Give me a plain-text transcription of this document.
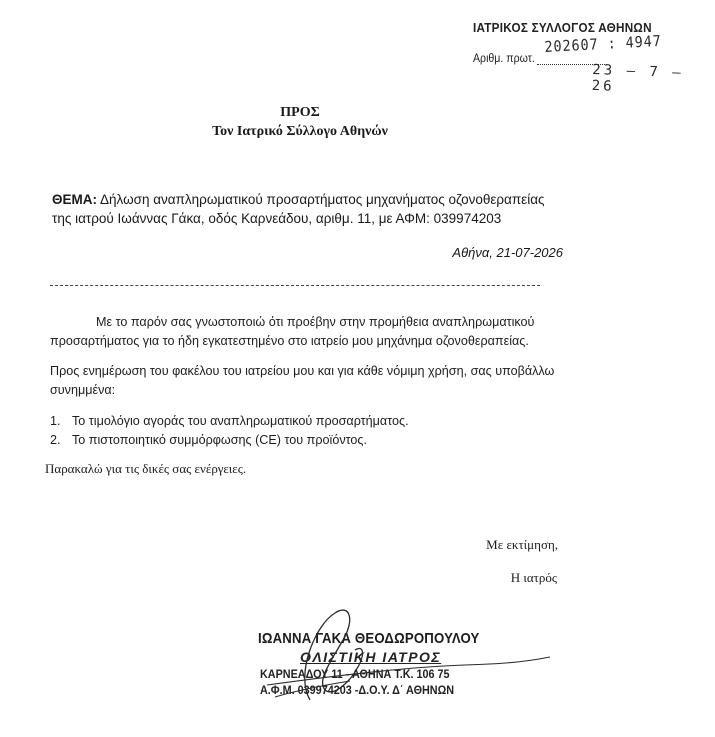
ΙΑΤΡΙΚΟΣ ΣΥΛΛΟΓΟΣ ΑΘΗΝΩΝ
Αριθμ. πρωτ.
202607 : 4947
23 – 7 – 26
ΠΡΟΣ
Τον Ιατρικό Σύλλογο Αθηνών
ΘΕΜΑ: Δήλωση αναπληρωματικού προσαρτήματος μηχανήματος οζονοθεραπείας
της ιατρού Ιωάννας Γάκα, οδός Καρνεάδου, αριθμ. 11, με ΑΦΜ: 039974203
Αθήνα, 21-07-2026
Με το παρόν σας γνωστοποιώ ότι προέβην στην προμήθεια αναπληρωματικού προσαρτήματος για το ήδη εγκατεστημένο στο ιατρείο μου μηχάνημα οζονοθεραπείας.
Προς ενημέρωση του φακέλου του ιατρείου μου και για κάθε νόμιμη χρήση, σας υποβάλλω συνημμένα:
1. Το τιμολόγιο αγοράς του αναπληρωματικού προσαρτήματος.
2. Το πιστοποιητικό συμμόρφωσης (CE) του προϊόντος.
Παρακαλώ για τις δικές σας ενέργειες.
Με εκτίμηση,
Η ιατρός
ΙΩΑΝΝΑ ΓΑΚΑ ΘΕΟΔΩΡΟΠΟΥΛΟΥ
ΟΛΙΣΤΙΚΗ ΙΑΤΡΟΣ
ΚΑΡΝΕΑΔΟΥ 11 - ΑΘΗΝΑ Τ.Κ. 106 75
Α.Φ.Μ. 039974203 -Δ.Ο.Υ. Δ΄ ΑΘΗΝΩΝ
